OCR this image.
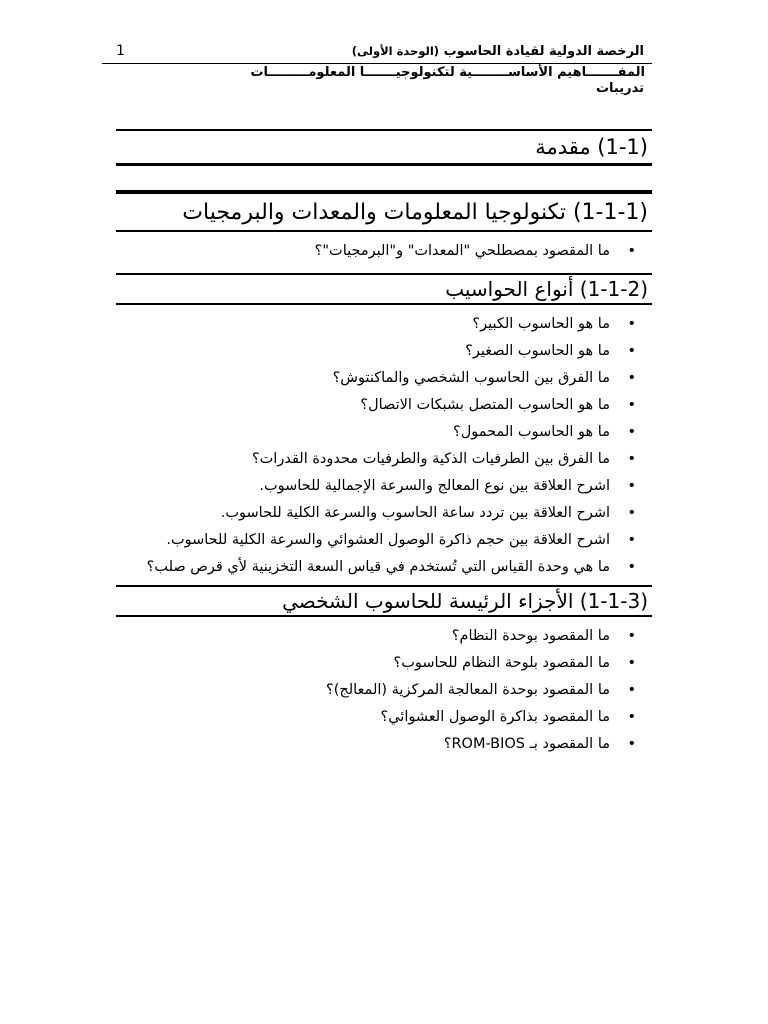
1	الرخصة الدولية لقيادة الحاسوب (الوحدة الأولى)
المفـــــــاهيم الأساســــــــية لتكنولوجيـــــــا المعلومـــــــــات
تدريبات
(1-1) مقدمة
(1-1-1) تكنولوجيا المعلومات والمعدات والبرمجيات
•
ما المقصود بمصطلحي "المعدات" و"البرمجيات"؟
(1-1-2) أنواع الحواسيب
•
ما هو الحاسوب الكبير؟
•
ما هو الحاسوب الصغير؟
•
ما الفرق بين الحاسوب الشخصي والماكنتوش؟
•
ما هو الحاسوب المتصل بشبكات الاتصال؟
•
ما هو الحاسوب المحمول؟
•
ما الفرق بين الطرفيات الذكية والطرفيات محدودة القدرات؟
•
اشرح العلاقة بين نوع المعالج والسرعة الإجمالية للحاسوب.
•
اشرح العلاقة بين تردد ساعة الحاسوب والسرعة الكلية للحاسوب.
•
اشرح العلاقة بين حجم ذاكرة الوصول العشوائي والسرعة الكلية للحاسوب.
•
ما هي وحدة القياس التي تُستخدم في قياس السعة التخزينية لأي قرص صلب؟
(1-1-3) الأجزاء الرئيسة للحاسوب الشخصي
•
ما المقصود بوحدة النظام؟
•
ما المقصود بلوحة النظام للحاسوب؟
•
ما المقصود بوحدة المعالجة المركزية (المعالج)؟
•
ما المقصود بذاكرة الوصول العشوائي؟
•
ما المقصود بـ ROM-BIOS؟
